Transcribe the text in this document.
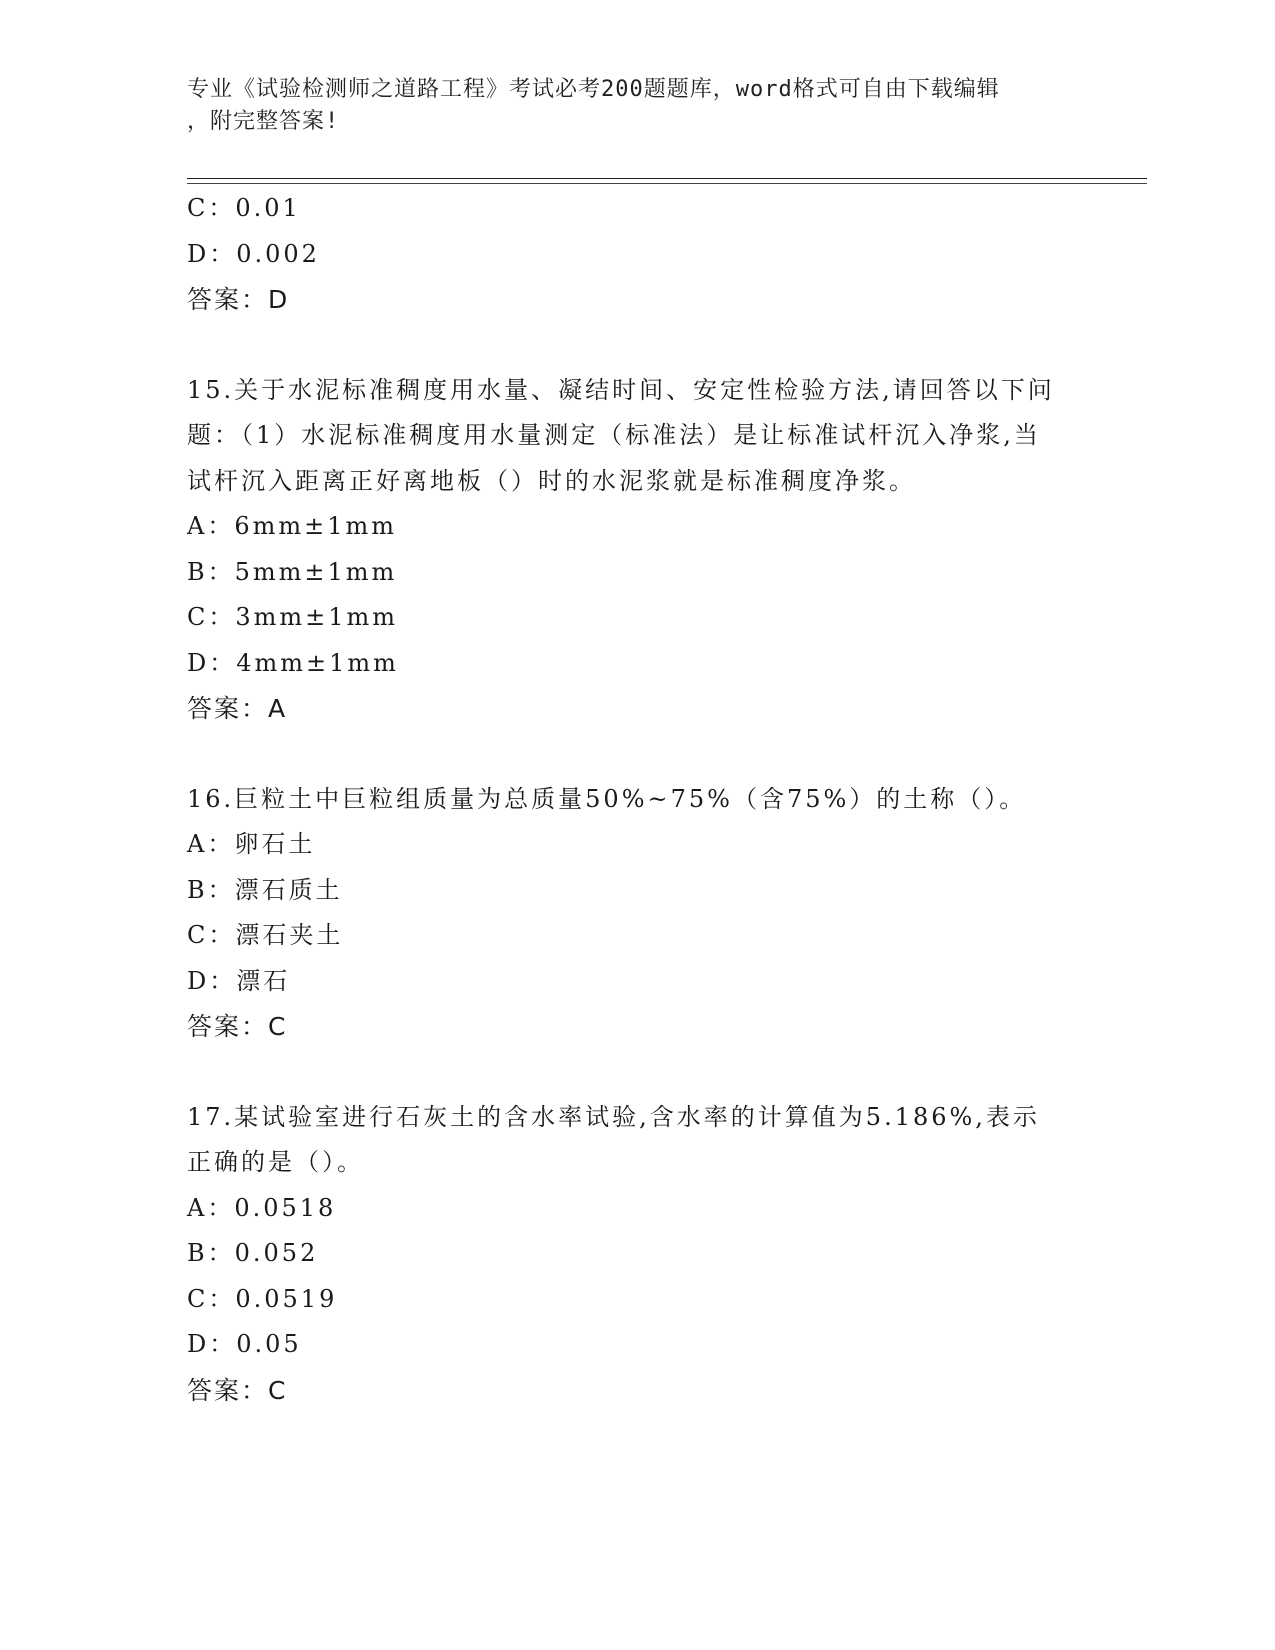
专业《试验检测师之道路工程》考试必考200题题库，word格式可自由下载编辑
，附完整答案!
C：0.01
D：0.002
答案：D
15.关于水泥标准稠度用水量、凝结时间、安定性检验方法,请回答以下问题：（1）水泥标准稠度用水量测定（标准法）是让标准试杆沉入净浆,当试杆沉入距离正好离地板（）时的水泥浆就是标准稠度净浆。
A：6mm±1mm
B：5mm±1mm
C：3mm±1mm
D：4mm±1mm
答案：A
16.巨粒土中巨粒组质量为总质量50%~75%（含75%）的土称（）。
A：卵石土
B：漂石质土
C：漂石夹土
D：漂石
答案：C
17.某试验室进行石灰土的含水率试验,含水率的计算值为5.186%,表示正确的是（）。
A：0.0518
B：0.052
C：0.0519
D：0.05
答案：C
